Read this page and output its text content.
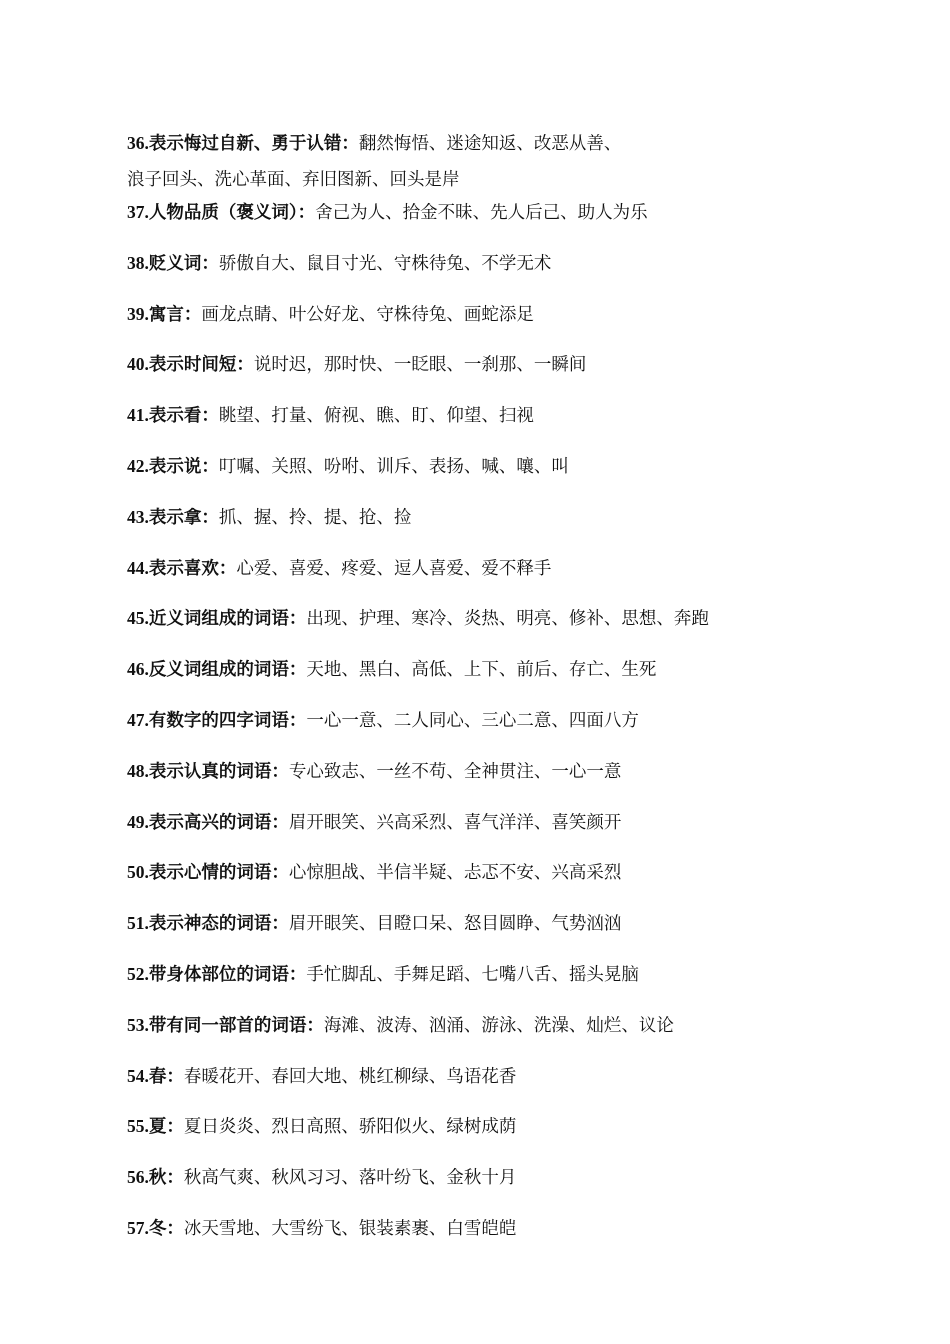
36.表示悔过自新、勇于认错：翻然悔悟、迷途知返、改恶从善、
浪子回头、洗心革面、弃旧图新、回头是岸
37.人物品质（褒义词）：舍己为人、拾金不昧、先人后己、助人为乐
38.贬义词：骄傲自大、鼠目寸光、守株待兔、不学无术
39.寓言：画龙点睛、叶公好龙、守株待兔、画蛇添足
40.表示时间短：说时迟，那时快、一眨眼、一刹那、一瞬间
41.表示看：眺望、打量、俯视、瞧、盯、仰望、扫视
42.表示说：叮嘱、关照、吩咐、训斥、表扬、喊、嚷、叫
43.表示拿：抓、握、拎、提、抢、捡
44.表示喜欢：心爱、喜爱、疼爱、逗人喜爱、爱不释手
45.近义词组成的词语：出现、护理、寒冷、炎热、明亮、修补、思想、奔跑
46.反义词组成的词语：天地、黑白、高低、上下、前后、存亡、生死
47.有数字的四字词语：一心一意、二人同心、三心二意、四面八方
48.表示认真的词语：专心致志、一丝不苟、全神贯注、一心一意
49.表示高兴的词语：眉开眼笑、兴高采烈、喜气洋洋、喜笑颜开
50.表示心情的词语：心惊胆战、半信半疑、忐忑不安、兴高采烈
51.表示神态的词语：眉开眼笑、目瞪口呆、怒目圆睁、气势汹汹
52.带身体部位的词语：手忙脚乱、手舞足蹈、七嘴八舌、摇头晃脑
53.带有同一部首的词语：海滩、波涛、汹涌、游泳、洗澡、灿烂、议论
54.春：春暖花开、春回大地、桃红柳绿、鸟语花香
55.夏：夏日炎炎、烈日高照、骄阳似火、绿树成荫
56.秋：秋高气爽、秋风习习、落叶纷飞、金秋十月
57.冬：冰天雪地、大雪纷飞、银装素裹、白雪皑皑
